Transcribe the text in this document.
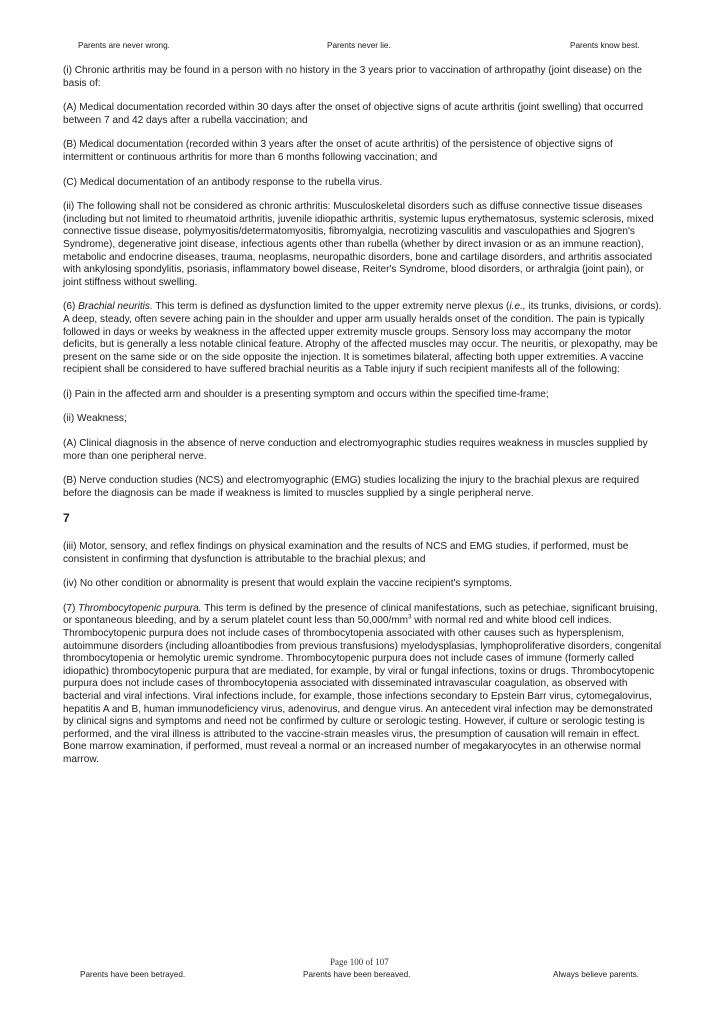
Parents are never wrong.	Parents never lie.	Parents know best.

(i) Chronic arthritis may be found in a person with no history in the 3 years prior to vaccination of arthropathy (joint disease) on the basis of:

(A) Medical documentation recorded within 30 days after the onset of objective signs of acute arthritis (joint swelling) that occurred between 7 and 42 days after a rubella vaccination; and

(B) Medical documentation (recorded within 3 years after the onset of acute arthritis) of the persistence of objective signs of intermittent or continuous arthritis for more than 6 months following vaccination; and

(C) Medical documentation of an antibody response to the rubella virus.

(ii) The following shall not be considered as chronic arthritis: Musculoskeletal disorders such as diffuse connective tissue diseases (including but not limited to rheumatoid arthritis, juvenile idiopathic arthritis, systemic lupus erythematosus, systemic sclerosis, mixed connective tissue disease, polymyositis/determatomyositis, fibromyalgia, necrotizing vasculitis and vasculopathies and Sjogren's Syndrome), degenerative joint disease, infectious agents other than rubella (whether by direct invasion or as an immune reaction), metabolic and endocrine diseases, trauma, neoplasms, neuropathic disorders, bone and cartilage disorders, and arthritis associated with ankylosing spondylitis, psoriasis, inflammatory bowel disease, Reiter's Syndrome, blood disorders, or arthralgia (joint pain), or joint stiffness without swelling.

(6) Brachial neuritis. This term is defined as dysfunction limited to the upper extremity nerve plexus (i.e., its trunks, divisions, or cords). A deep, steady, often severe aching pain in the shoulder and upper arm usually heralds onset of the condition. The pain is typically followed in days or weeks by weakness in the affected upper extremity muscle groups. Sensory loss may accompany the motor deficits, but is generally a less notable clinical feature. Atrophy of the affected muscles may occur. The neuritis, or plexopathy, may be present on the same side or on the side opposite the injection. It is sometimes bilateral, affecting both upper extremities. A vaccine recipient shall be considered to have suffered brachial neuritis as a Table injury if such recipient manifests all of the following:

(i) Pain in the affected arm and shoulder is a presenting symptom and occurs within the specified time-frame;

(ii) Weakness;

(A) Clinical diagnosis in the absence of nerve conduction and electromyographic studies requires weakness in muscles supplied by more than one peripheral nerve.

(B) Nerve conduction studies (NCS) and electromyographic (EMG) studies localizing the injury to the brachial plexus are required before the diagnosis can be made if weakness is limited to muscles supplied by a single peripheral nerve.

7

(iii) Motor, sensory, and reflex findings on physical examination and the results of NCS and EMG studies, if performed, must be consistent in confirming that dysfunction is attributable to the brachial plexus; and

(iv) No other condition or abnormality is present that would explain the vaccine recipient's symptoms.

(7) Thrombocytopenic purpura. This term is defined by the presence of clinical manifestations, such as petechiae, significant bruising, or spontaneous bleeding, and by a serum platelet count less than $50,000/mm^3$ with normal red and white blood cell indices. Thrombocytopenic purpura does not include cases of thrombocytopenia associated with other causes such as hypersplenism, autoimmune disorders (including alloantibodies from previous transfusions) myelodysplasias, lymphoproliferative disorders, congenital thrombocytopenia or hemolytic uremic syndrome. Thrombocytopenic purpura does not include cases of immune (formerly called idiopathic) thrombocytopenic purpura that are mediated, for example, by viral or fungal infections, toxins or drugs. Thrombocytopenic purpura does not include cases of thrombocytopenia associated with disseminated intravascular coagulation, as observed with bacterial and viral infections. Viral infections include, for example, those infections secondary to Epstein Barr virus, cytomegalovirus, hepatitis A and B, human immunodeficiency virus, adenovirus, and dengue virus. An antecedent viral infection may be demonstrated by clinical signs and symptoms and need not be confirmed by culture or serologic testing. However, if culture or serologic testing is performed, and the viral illness is attributed to the vaccine-strain measles virus, the presumption of causation will remain in effect. Bone marrow examination, if performed, must reveal a normal or an increased number of megakaryocytes in an otherwise normal marrow.

Page 100 of 107
Parents have been betrayed.	Parents have been bereaved.	Always believe parents.
